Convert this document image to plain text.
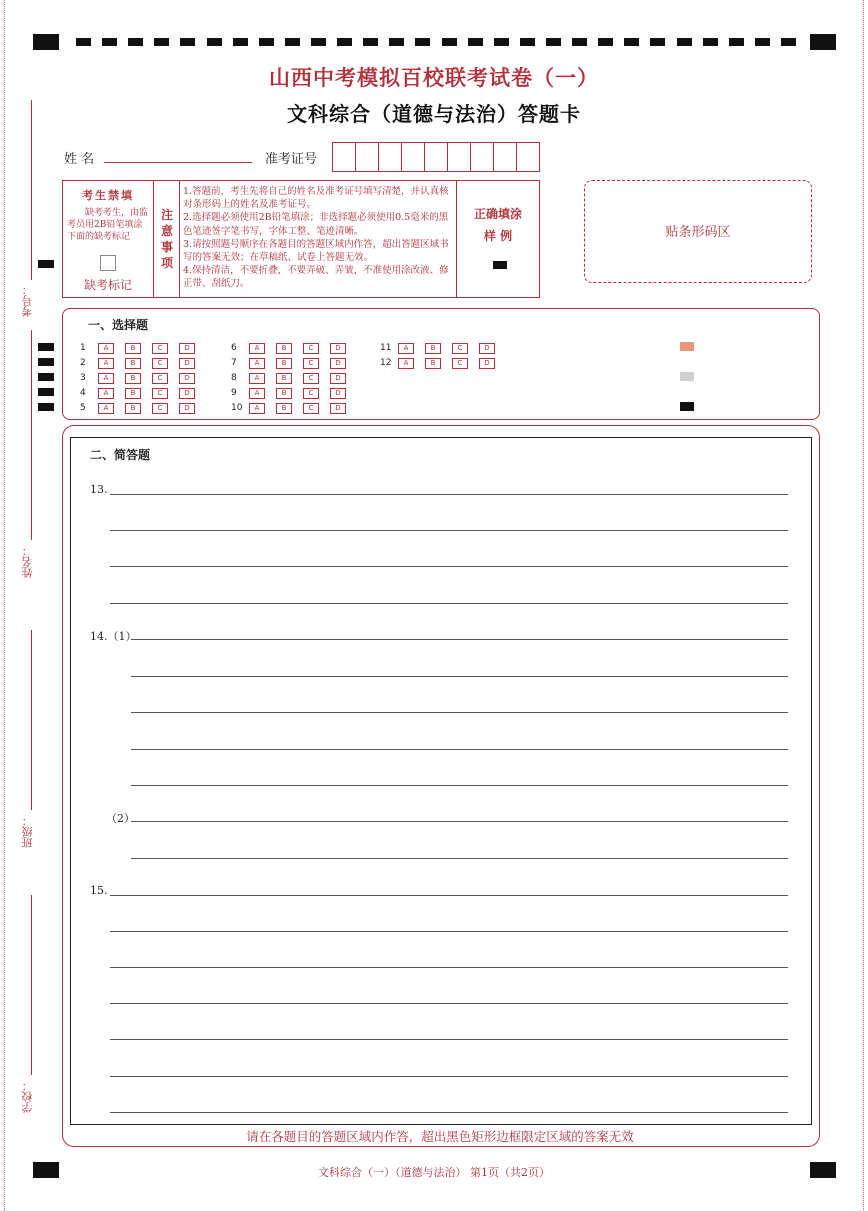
山西中考模拟百校联考试卷（一）
文科综合（道德与法治）答题卡
姓 名	准考证号
考生禁填
缺考考生，由监考员用2B铅笔填涂下面的缺考标记
缺考标记
注意事项
1.答题前，考生先将自己的姓名及准考证号填写清楚，并认真核对条形码上的姓名及准考证号。
2.选择题必须使用2B铅笔填涂；非选择题必须使用0.5毫米的黑色笔迹签字笔书写，字体工整、笔迹清晰。
3.请按照题号顺序在各题目的答题区域内作答，超出答题区域书写的答案无效；在草稿纸、试卷上答题无效。
4.保持清洁，不要折叠，不要弄破、弄皱，不准使用涂改液、修正带、刮纸刀。
正确填涂
样 例	贴条形码区
考号：
姓名：
班级：
学校：
一、选择题
1	A	B	C	D
2	A	B	C	D
3	A	B	C	D
4	A	B	C	D
5	A	B	C	D
6	A	B	C	D
7	A	B	C	D
8	A	B	C	D
9	A	B	C	D
10	A	B	C	D
11	A	B	C	D
12	A	B	C	D
二、简答题
13.
14.（1）
（2）
15.
请在各题目的答题区域内作答，超出黑色矩形边框限定区域的答案无效
文科综合（一）（道德与法治） 第1页（共2页）
